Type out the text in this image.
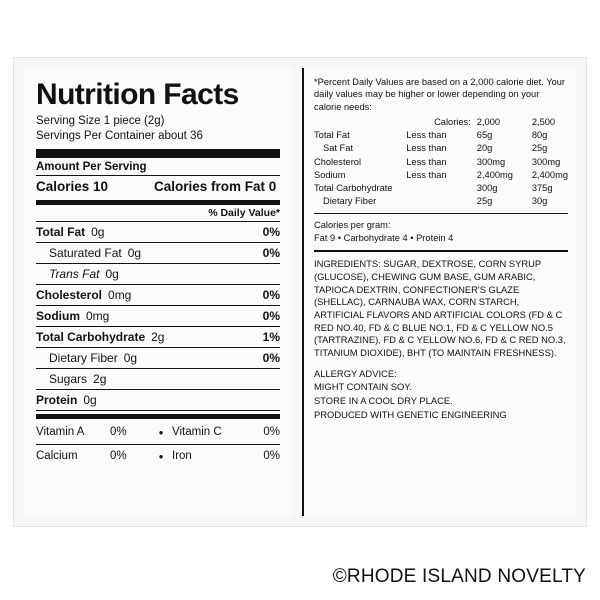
Nutrition Facts
Serving Size 1 piece (2g)
Servings Per Container about 36
Amount Per Serving
Calories 10	Calories from Fat 0
% Daily Value*
Total Fat 0g	0%
Saturated Fat 0g	0%
Trans Fat 0g
Cholesterol 0mg	0%
Sodium 0mg	0%
Total Carbohydrate 2g	1%
Dietary Fiber 0g	0%
Sugars 2g
Protein 0g
Vitamin A	0%	•	Vitamin C	0%
Calcium	0%	•	Iron	0%
*Percent Daily Values are based on a 2,000 calorie diet. Your daily values may be higher or lower depending on your calorie needs:
	Calories:	2,000	2,500
Total Fat	Less than	65g	80g
Sat Fat	Less than	20g	25g
Cholesterol	Less than	300mg	300mg
Sodium	Less than	2,400mg	2,400mg
Total Carbohydrate		300g	375g
Dietary Fiber		25g	30g
Calories per gram:
Fat 9 • Carbohydrate 4 • Protein 4
INGREDIENTS: SUGAR, DEXTROSE, CORN SYRUP (GLUCOSE), CHEWING GUM BASE, GUM ARABIC, TAPIOCA DEXTRIN, CONFECTIONER'S GLAZE (SHELLAC), CARNAUBA WAX, CORN STARCH, ARTIFICIAL FLAVORS AND ARTIFICIAL COLORS (FD & C RED NO.40, FD & C BLUE NO.1, FD & C YELLOW NO.5 (TARTRAZINE), FD & C YELLOW NO.6, FD & C RED NO.3, TITANIUM DIOXIDE), BHT (TO MAINTAIN FRESHNESS).
ALLERGY ADVICE:
MIGHT CONTAIN SOY.
STORE IN A COOL DRY PLACE.
PRODUCED WITH GENETIC ENGINEERING
©RHODE ISLAND NOVELTY
